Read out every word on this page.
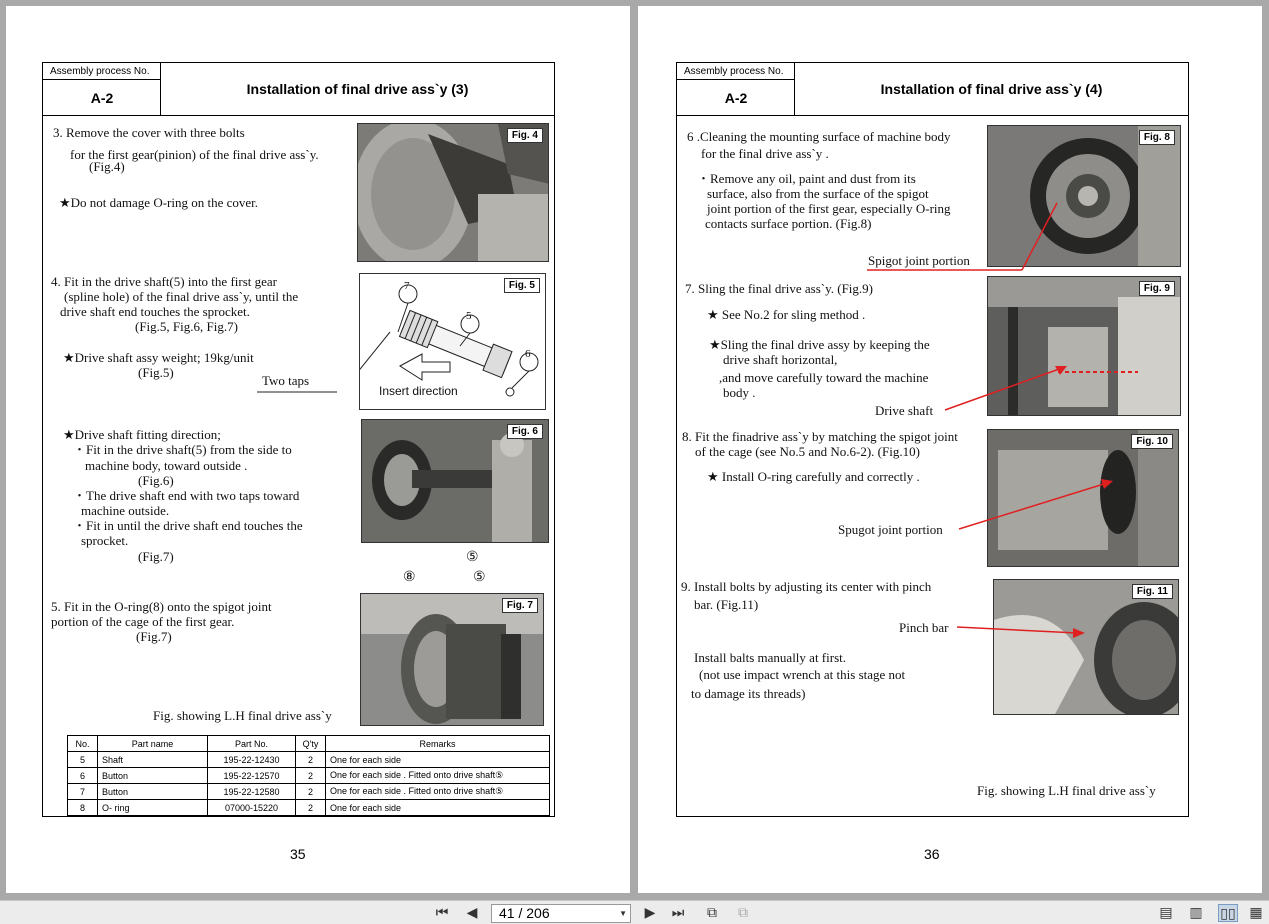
Assembly process No.
A-2
Installation of final drive ass`y (3)
3. Remove the cover with three bolts
for the first gear(pinion) of the final drive ass`y.
(Fig.4)
★Do not damage O-ring on the cover.
Fig. 4
4. Fit in the drive shaft(5) into the first gear
(spline hole) of the final drive ass`y, until the
drive shaft end touches the sprocket.
(Fig.5, Fig.6, Fig.7)
★Drive shaft assy weight; 19kg/unit
(Fig.5)
Two taps
Fig. 5
7
5
6
Insert direction
★Drive shaft fitting direction;
・Fit in the drive shaft(5) from the side to
machine body, toward outside .
(Fig.6)
・The drive shaft end with two taps toward
machine outside.
・Fit in until the drive shaft end touches the
sprocket.
(Fig.7)
Fig. 6
⑤
⑧	⑤
5. Fit in the O-ring(8) onto the spigot joint
portion of the cage of the first gear.
(Fig.7)
Fig. 7
Fig. showing L.H final drive ass`y
No.	Part name	Part No.	Q'ty	Remarks
5	Shaft	195-22-12430	2	One for each side
6	Button	195-22-12570	2	One for each side . Fitted onto drive shaft⑤
7	Button	195-22-12580	2	One for each side . Fitted onto drive shaft⑤
8	O- ring	07000-15220	2	One for each side
35
Assembly process No.
A-2
Installation of final drive ass`y (4)
6 .Cleaning the mounting surface of machine body
for the final drive ass`y .
・Remove any oil, paint and dust from its
surface, also from the surface of the spigot
joint portion of the first gear, especially O-ring
contacts surface portion. (Fig.8)
Spigot joint portion
Fig. 8
7. Sling the final drive ass`y. (Fig.9)
★ See No.2 for sling method .
★Sling the final drive assy by keeping the
drive shaft horizontal,
,and move carefully toward the machine
body .
Drive shaft
Fig. 9
8. Fit the finadrive ass`y by matching the spigot joint
of the cage (see No.5 and No.6-2). (Fig.10)
★ Install O-ring carefully and correctly .
Spugot joint portion
Fig. 10
9. Install bolts by adjusting its center with pinch
bar. (Fig.11)
Pinch bar
Install balts manually at first.
(not use impact wrench at this stage not
to damage its threads)
Fig. 11
Fig. showing L.H final drive ass`y
36
⏮	◀	41 / 206	▼	▶	⏭	⧉	⧉	▤ ▥ ▯▯ ▦
